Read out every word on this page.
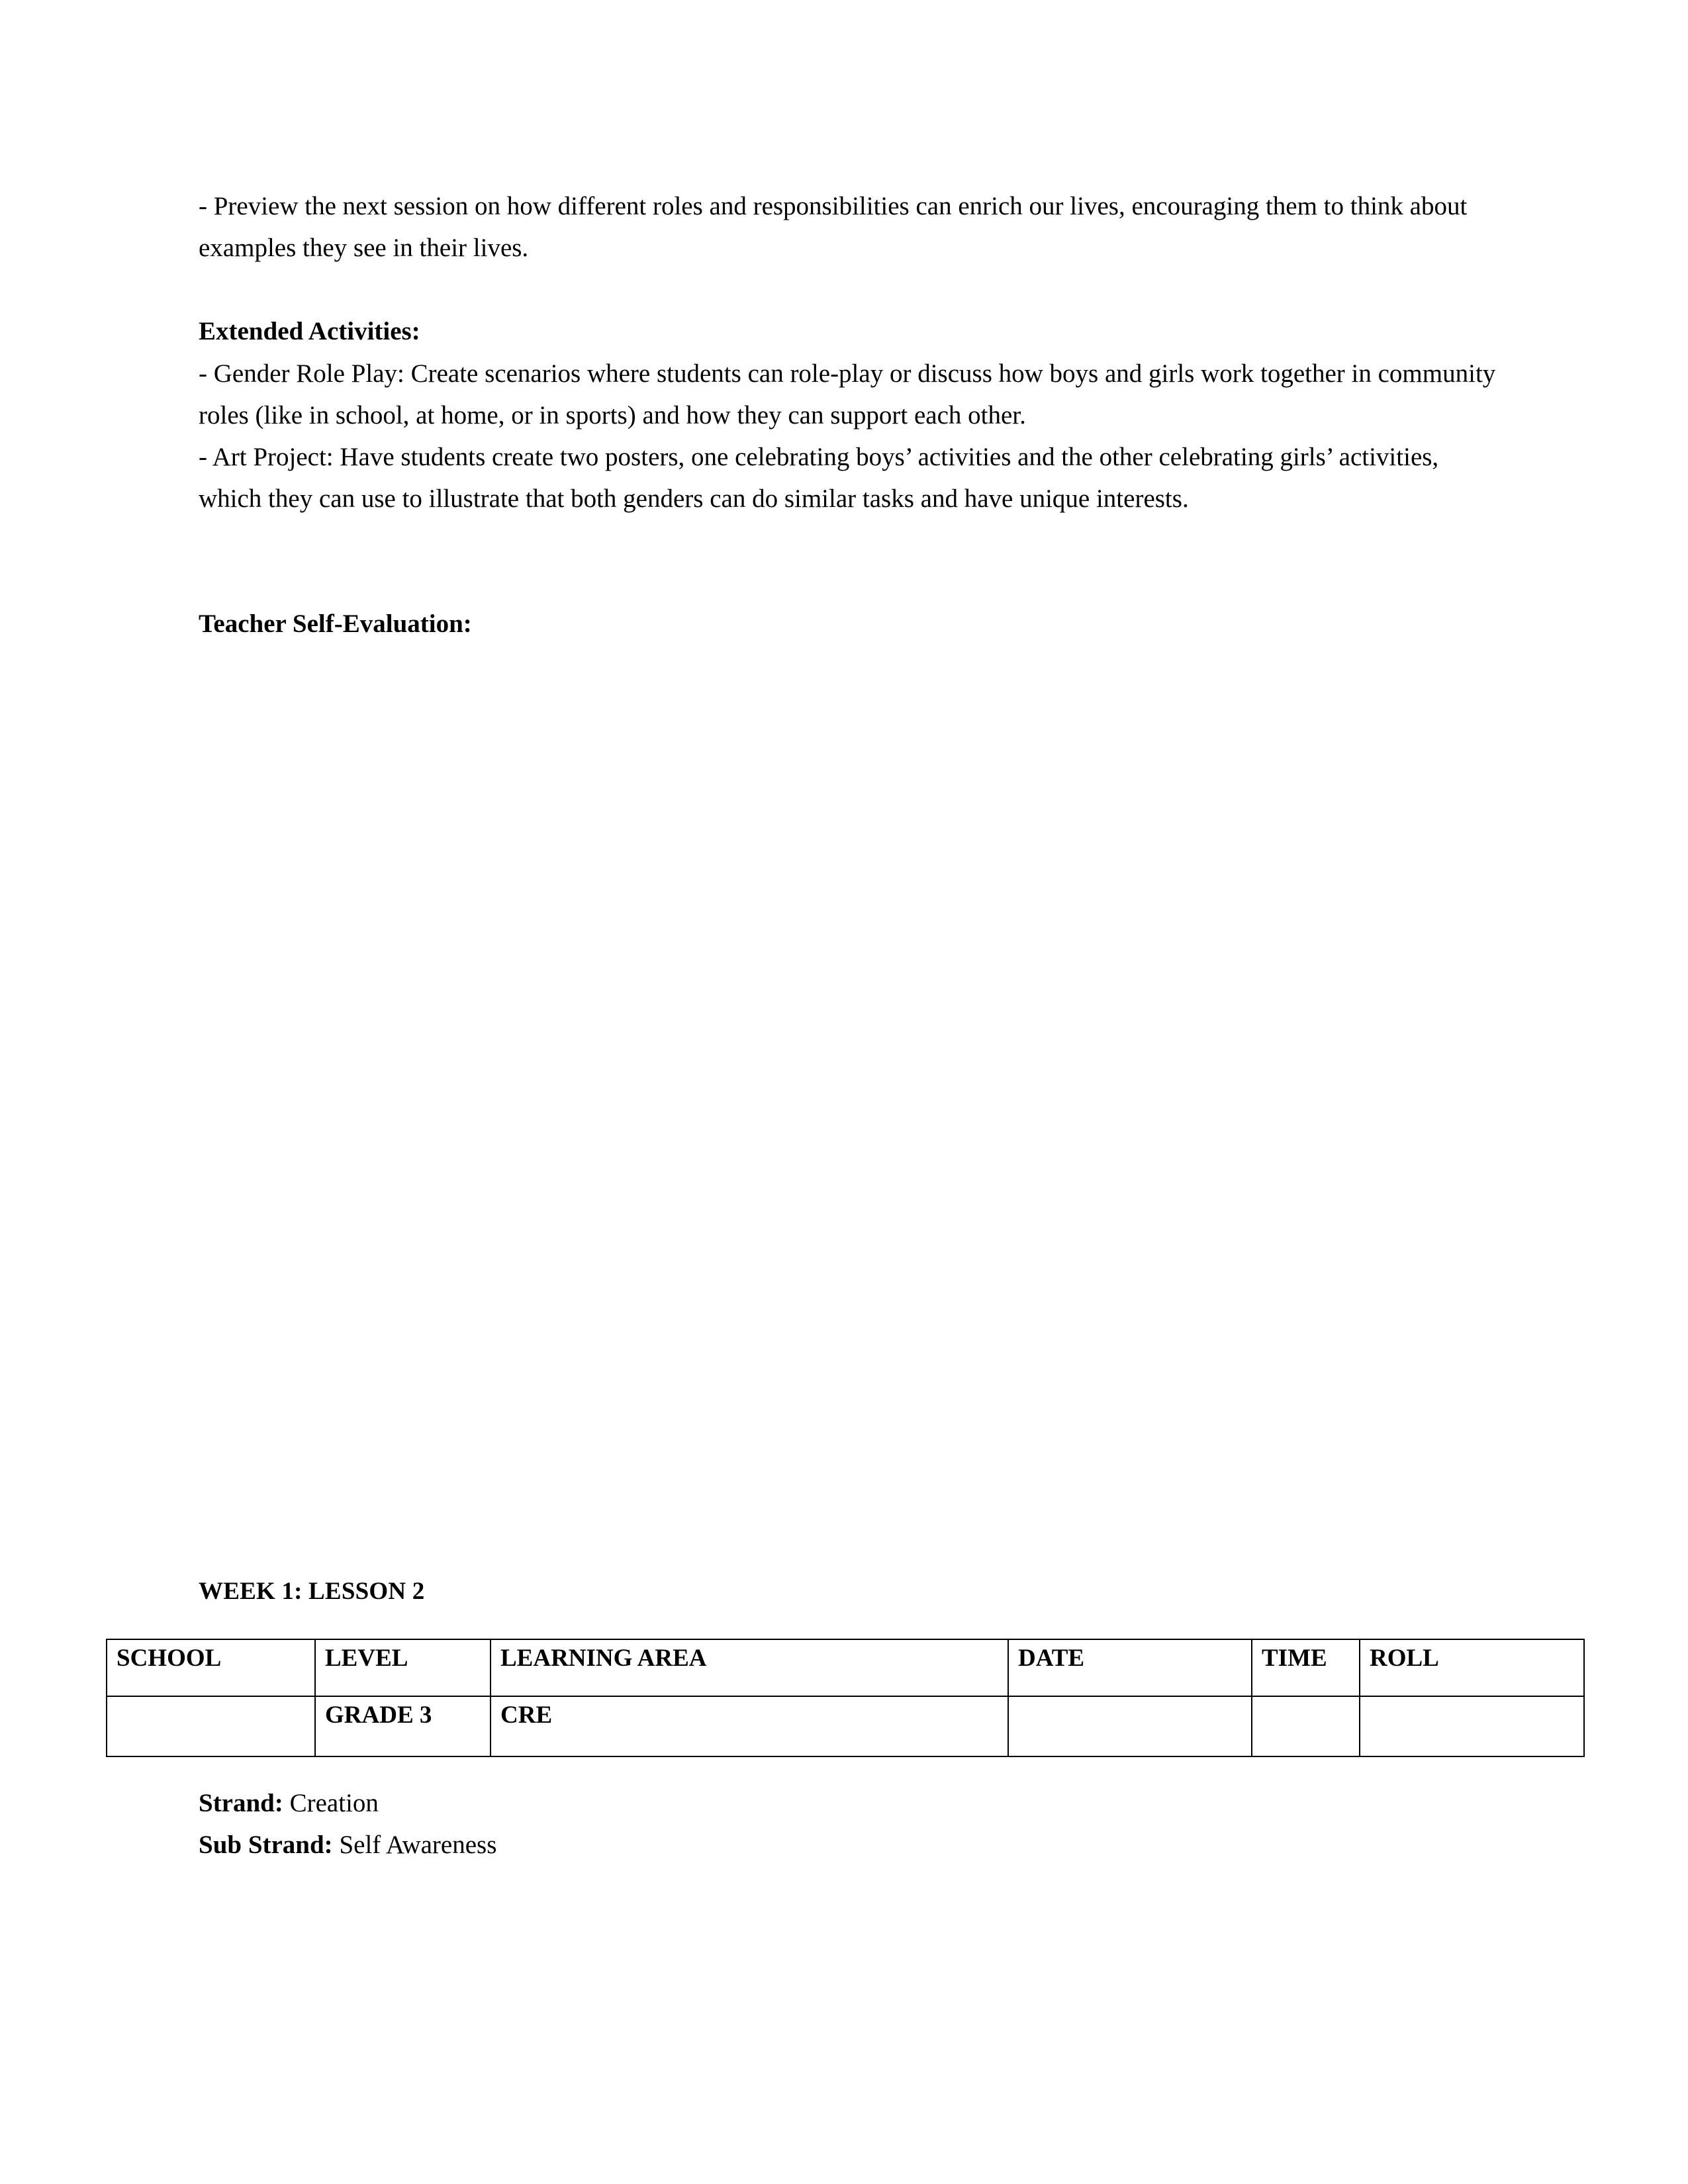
- Preview the next session on how different roles and responsibilities can enrich our lives, encouraging them to think about examples they see in their lives.

Extended Activities:

- Gender Role Play: Create scenarios where students can role-play or discuss how boys and girls work together in community roles (like in school, at home, or in sports) and how they can support each other.

- Art Project: Have students create two posters, one celebrating boys’ activities and the other celebrating girls’ activities, which they can use to illustrate that both genders can do similar tasks and have unique interests.

Teacher Self-Evaluation:

WEEK 1: LESSON 2
SCHOOL	LEVEL	LEARNING AREA	DATE	TIME	ROLL
	GRADE 3	CRE			
Strand: Creation
Sub Strand: Self Awareness
